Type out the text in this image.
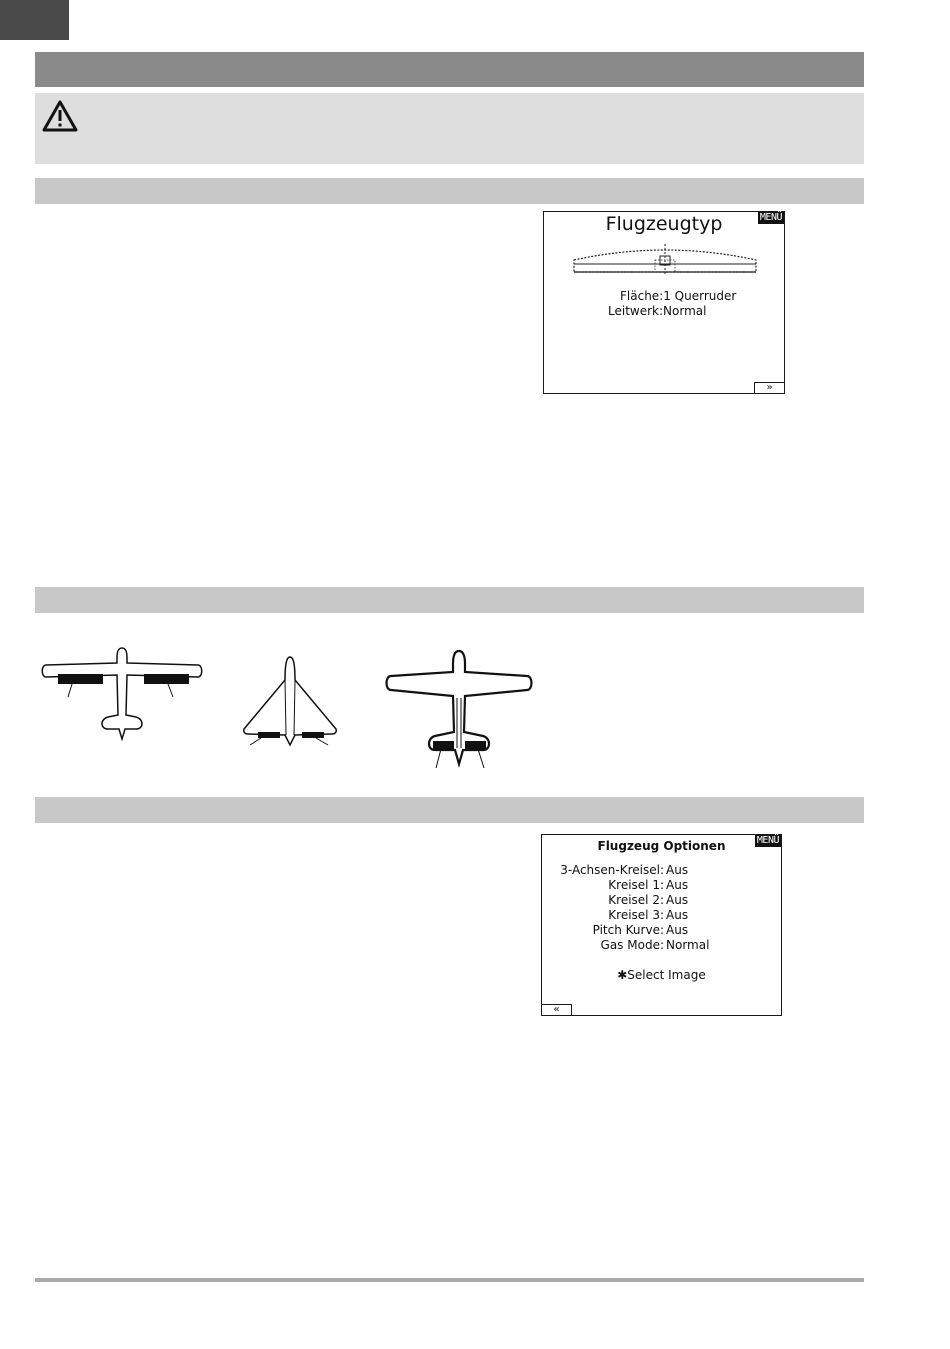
Flugzeugtyp	MENÜ
Fläche:1 Querruder
Leitwerk:Normal
»
Flugzeug Optionen	MENÜ
3-Achsen-Kreisel: Aus
Kreisel 1: Aus
Kreisel 2: Aus
Kreisel 3: Aus
Pitch Kurve: Aus
Gas Mode: Normal
✱Select Image
«
